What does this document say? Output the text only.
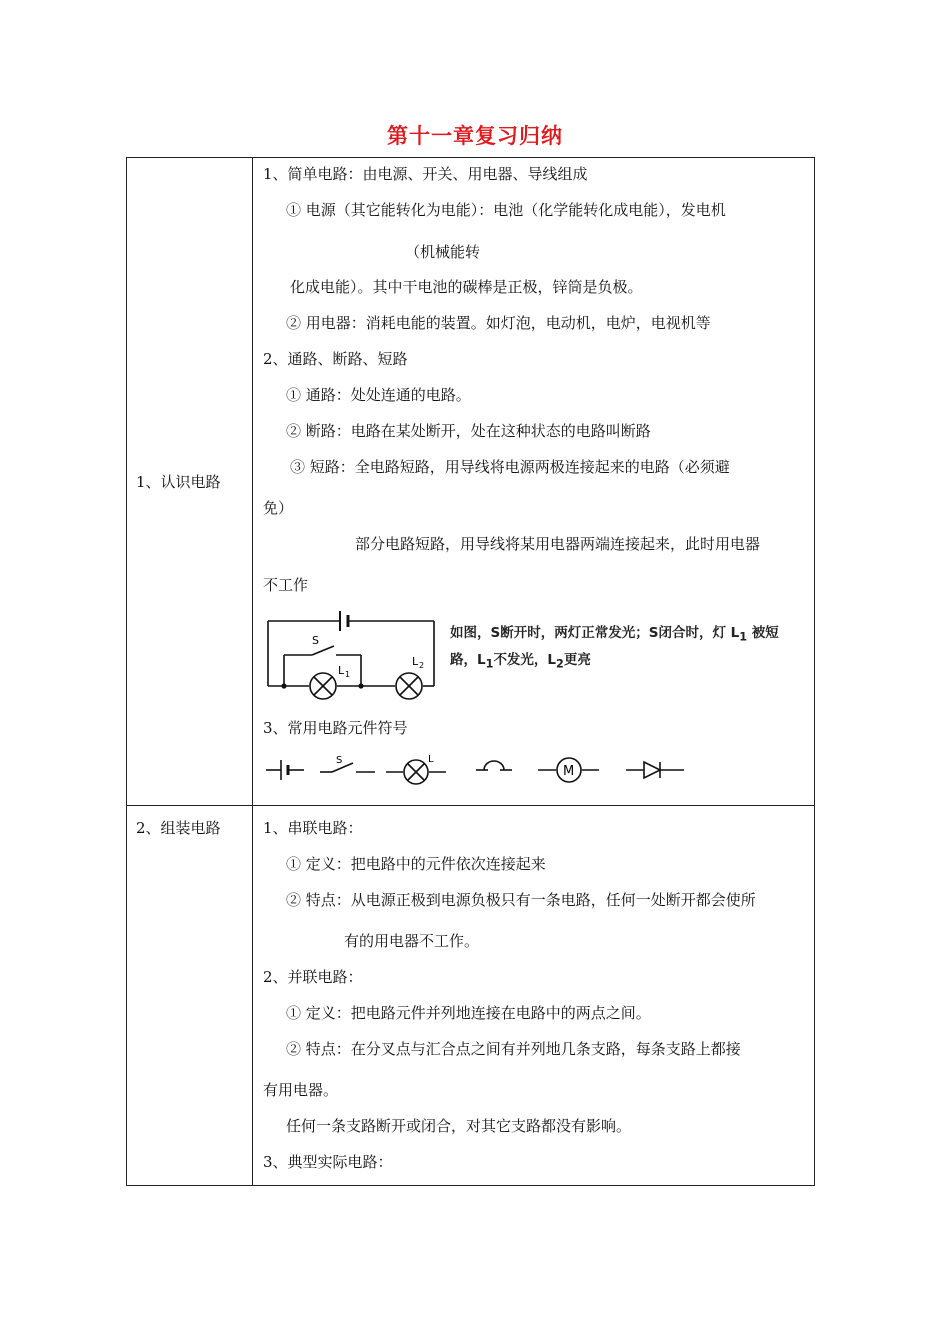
第十一章复习归纳
1、认识电路
1、简单电路：由电源、开关、用电器、导线组成
① 电源（其它能转化为电能）：电池（化学能转化成电能），发电机
（机械能转
化成电能）。其中干电池的碳棒是正极，锌筒是负极。
② 用电器：消耗电能的装置。如灯泡，电动机，电炉，电视机等
2、通路、断路、短路
① 通路：处处连通的电路。
② 断路：电路在某处断开，处在这种状态的电路叫断路
③ 短路：全电路短路，用导线将电源两极连接起来的电路（必须避
免）
部分电路短路，用导线将某用电器两端连接起来，此时用电器
不工作
S
L 1
L 2
如图，S断开时，两灯正常发光；S闭合时，灯 $L_1$ 被短
路，$L_1$不发光，$L_2$更亮
3、常用电路元件符号
S	L
M
2、组装电路	1、串联电路：
① 定义：把电路中的元件依次连接起来
② 特点：从电源正极到电源负极只有一条电路，任何一处断开都会使所
有的用电器不工作。
2、并联电路：
① 定义：把电路元件并列地连接在电路中的两点之间。
② 特点：在分叉点与汇合点之间有并列地几条支路，每条支路上都接
有用电器。
任何一条支路断开或闭合，对其它支路都没有影响。
3、典型实际电路：
